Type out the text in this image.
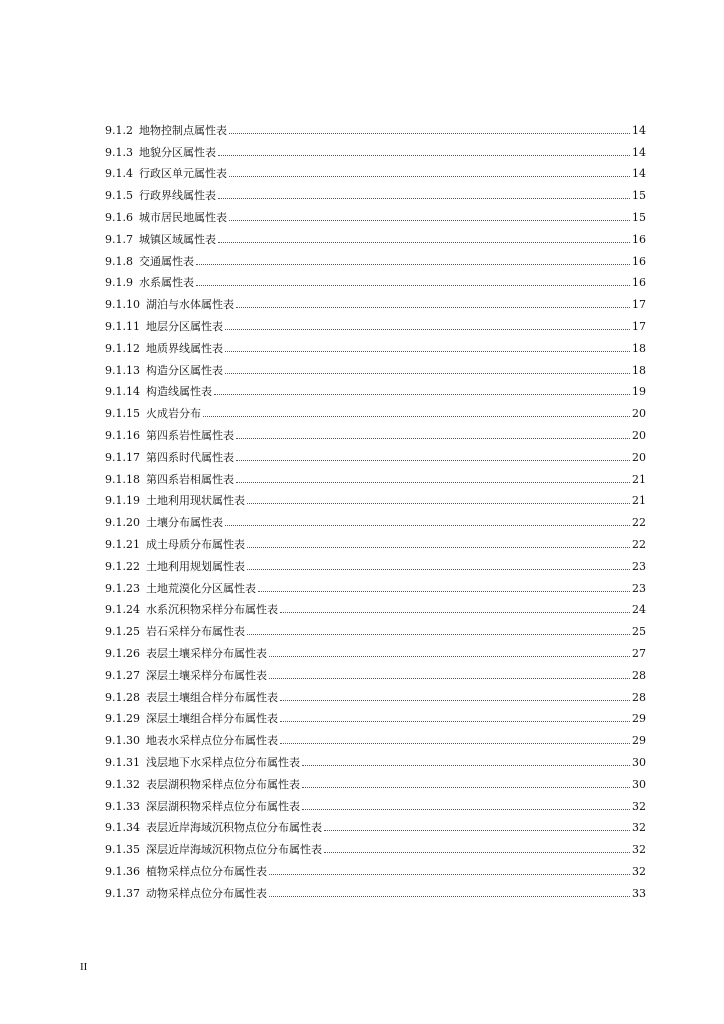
9.1.2 地物控制点属性表	14
9.1.3 地貌分区属性表	14
9.1.4 行政区单元属性表	14
9.1.5 行政界线属性表	15
9.1.6 城市居民地属性表	15
9.1.7 城镇区域属性表	16
9.1.8 交通属性表	16
9.1.9 水系属性表	16
9.1.10 湖泊与水体属性表	17
9.1.11 地层分区属性表	17
9.1.12 地质界线属性表	18
9.1.13 构造分区属性表	18
9.1.14 构造线属性表	19
9.1.15 火成岩分布	20
9.1.16 第四系岩性属性表	20
9.1.17 第四系时代属性表	20
9.1.18 第四系岩相属性表	21
9.1.19 土地利用现状属性表	21
9.1.20 土壤分布属性表	22
9.1.21 成土母质分布属性表	22
9.1.22 土地利用规划属性表	23
9.1.23 土地荒漠化分区属性表	23
9.1.24 水系沉积物采样分布属性表	24
9.1.25 岩石采样分布属性表	25
9.1.26 表层土壤采样分布属性表	27
9.1.27 深层土壤采样分布属性表	28
9.1.28 表层土壤组合样分布属性表	28
9.1.29 深层土壤组合样分布属性表	29
9.1.30 地表水采样点位分布属性表	29
9.1.31 浅层地下水采样点位分布属性表	30
9.1.32 表层湖积物采样点位分布属性表	30
9.1.33 深层湖积物采样点位分布属性表	32
9.1.34 表层近岸海域沉积物点位分布属性表	32
9.1.35 深层近岸海域沉积物点位分布属性表	32
9.1.36 植物采样点位分布属性表	32
9.1.37 动物采样点位分布属性表	33
II
